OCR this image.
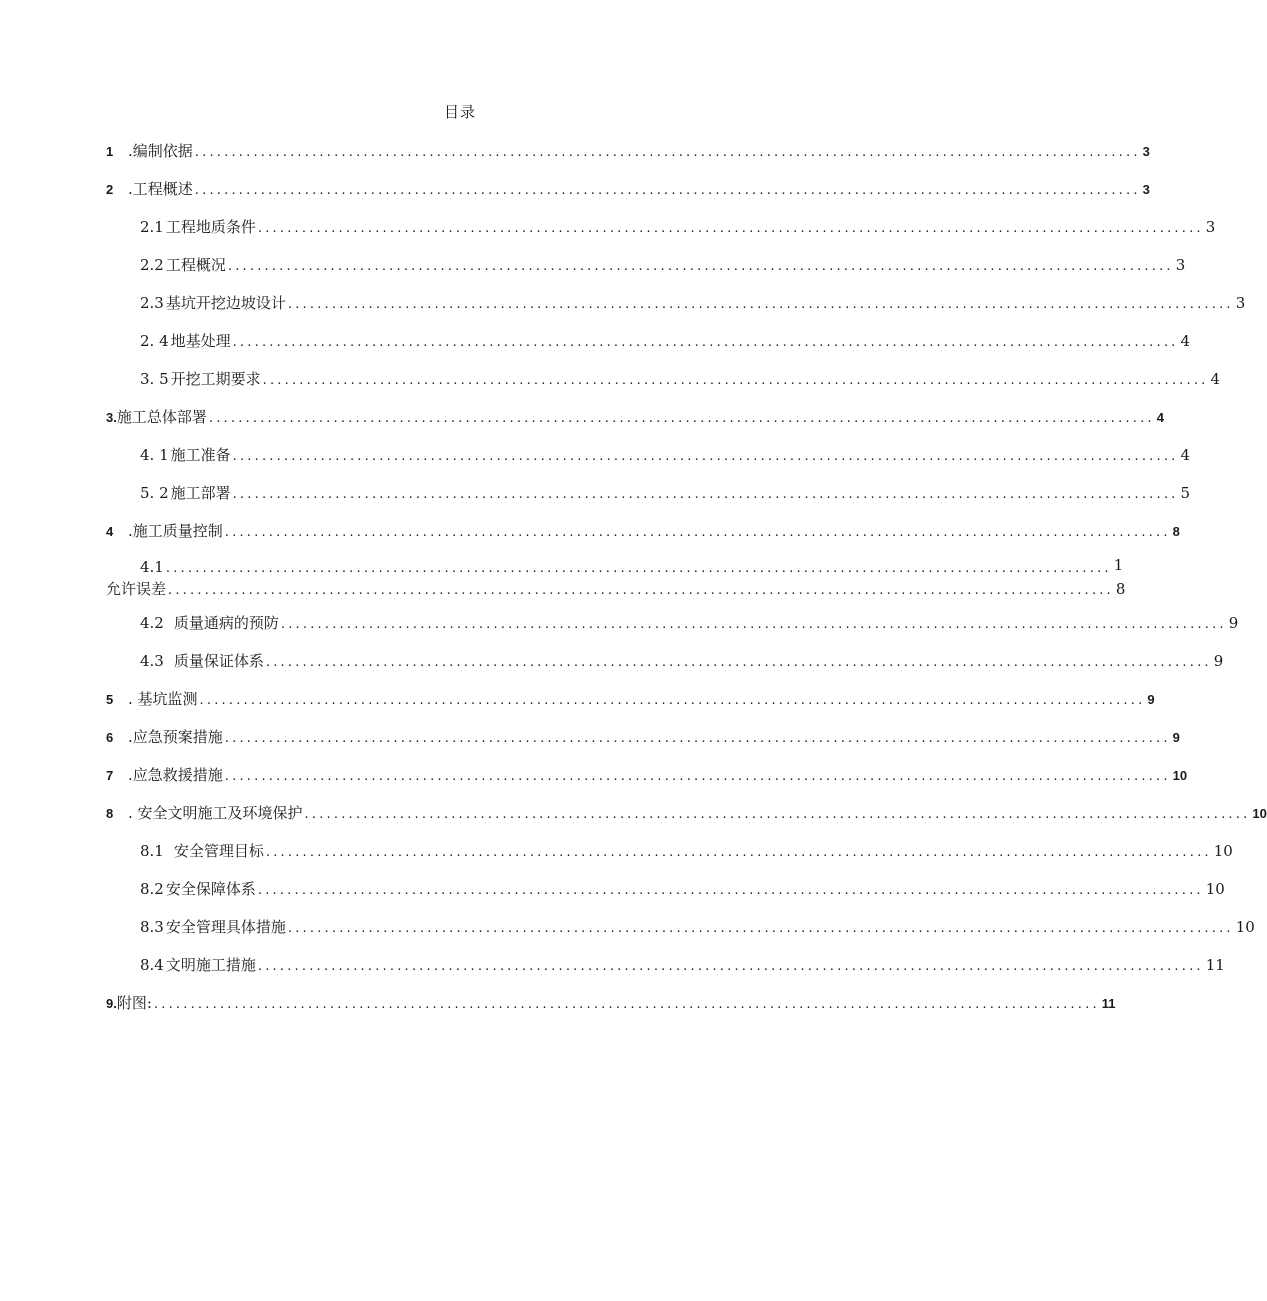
目录
1 .编制依据 ................................................................................................................................. 3
2 .工程概述 ................................................................................................................................. 3
2.1 工程地质条件 ................................................................................................................................. 3
2.2 工程概况 ................................................................................................................................. 3
2.3 基坑开挖边坡设计 ................................................................................................................................. 3
2. 4 地基处理 ................................................................................................................................. 4
3. 5 开挖工期要求 ................................................................................................................................. 4
3.施工总体部署 ................................................................................................................................. 4
4. 1 施工准备 ................................................................................................................................. 4
5. 2 施工部署 ................................................................................................................................. 5
4 .施工质量控制 ................................................................................................................................. 8
4.1 ................................................................................................................................. 1
允许误差 ................................................................................................................................. 8
4.2 质量通病的预防 ................................................................................................................................. 9
4.3 质量保证体系 ................................................................................................................................. 9
5 . 基坑监测 ................................................................................................................................. 9
6 .应急预案措施 ................................................................................................................................. 9
7 .应急救援措施 ................................................................................................................................. 10
8 . 安全文明施工及环境保护 ................................................................................................................................. 10
8.1 安全管理目标 ................................................................................................................................. 10
8.2 安全保障体系 ................................................................................................................................. 10
8.3 安全管理具体措施 ................................................................................................................................. 10
8.4 文明施工措施 ................................................................................................................................. 11
9.附图: ................................................................................................................................. 11
